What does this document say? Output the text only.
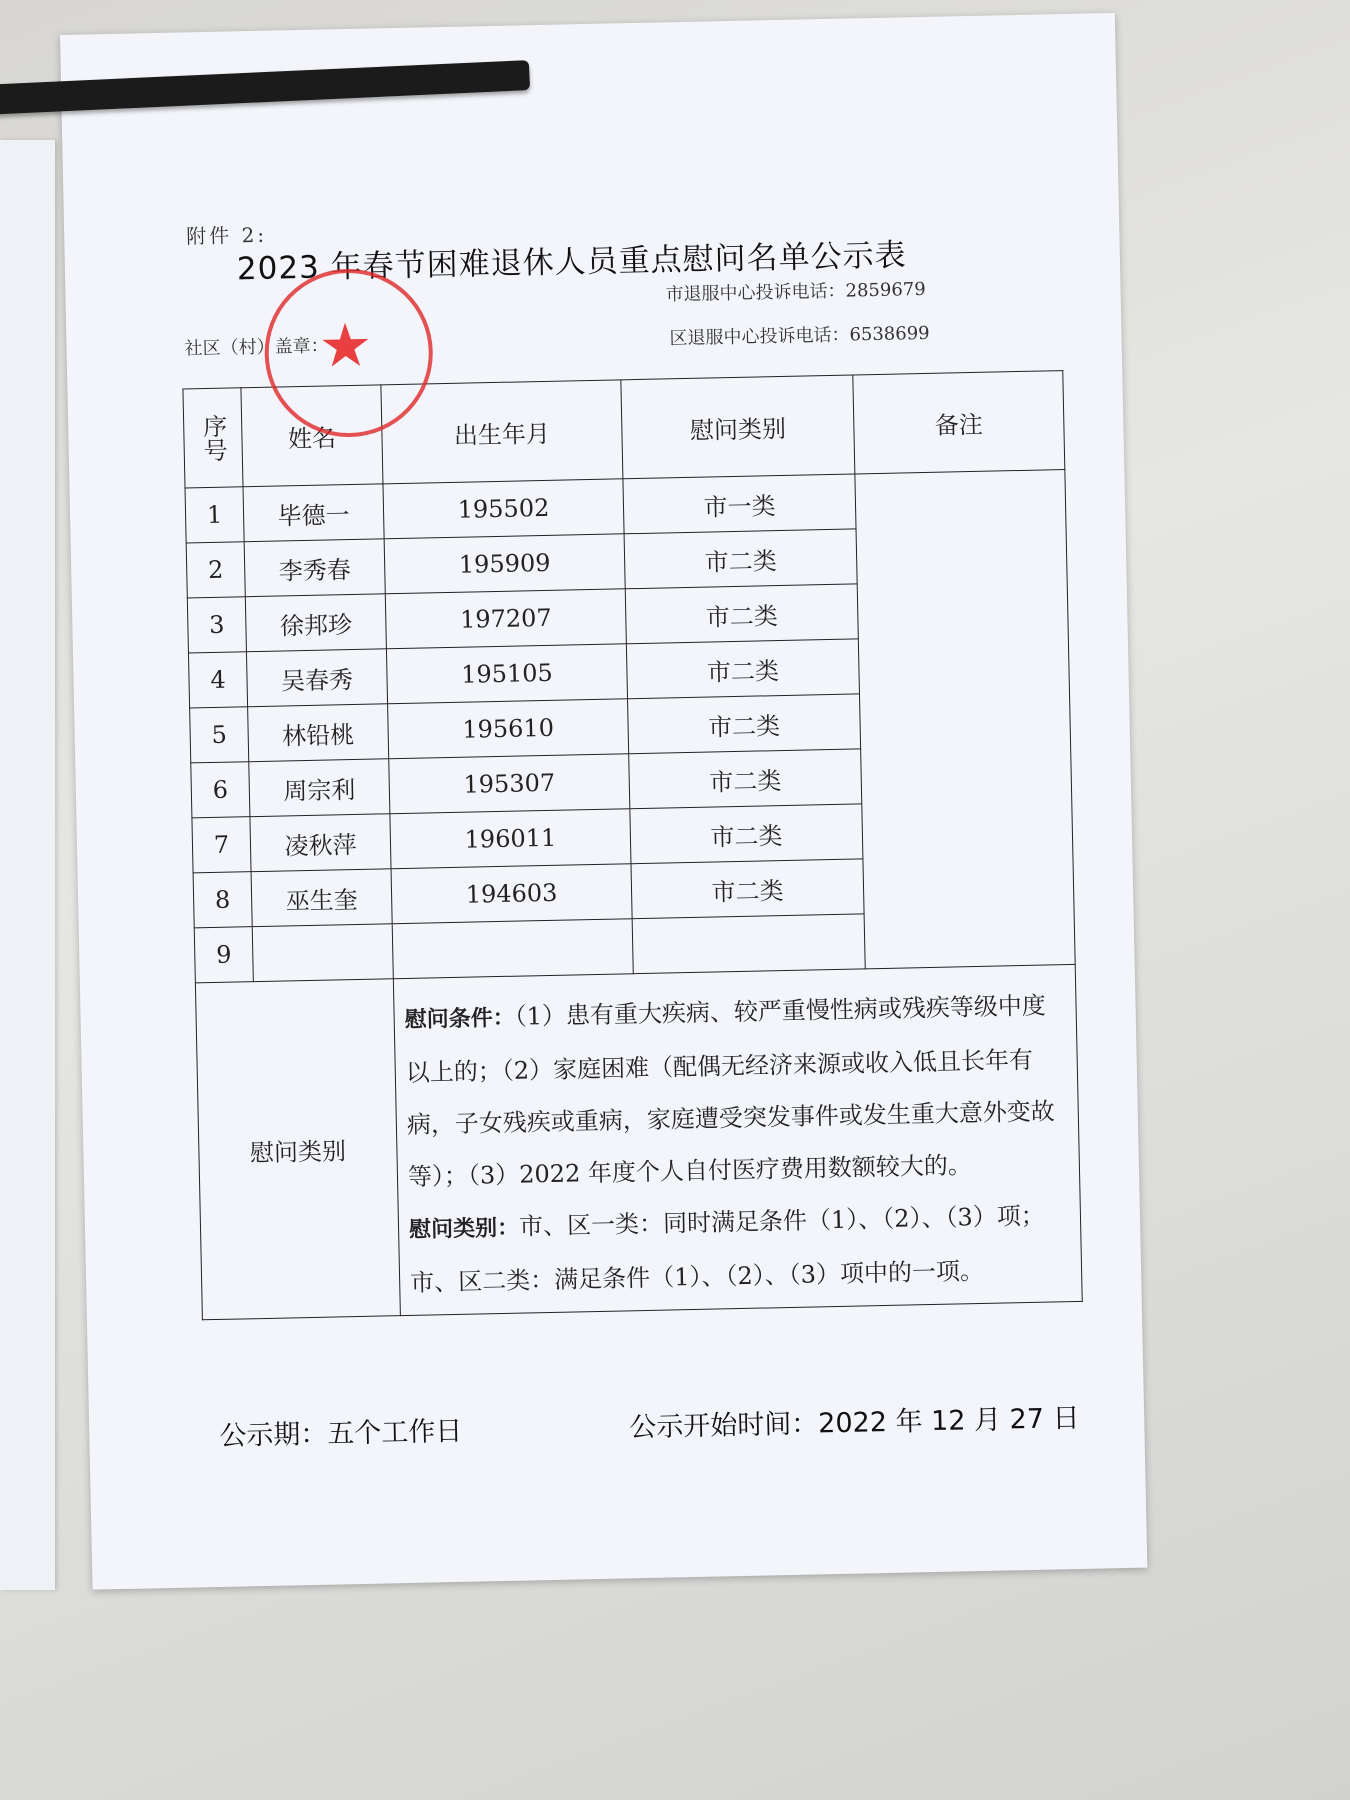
附件 2:
2023 年春节困难退休人员重点慰问名单公示表
市退服中心投诉电话：2859679
社区（村）盖章：	区退服中心投诉电话：6538699
★
序号	姓名	出生年月	慰问类别	备注
1	毕德一	195502	市一类	
2	李秀春	195909	市二类	
3	徐邦珍	197207	市二类	
4	吴春秀	195105	市二类	
5	林铅桃	195610	市二类	
6	周宗利	195307	市二类	
7	凌秋萍	196011	市二类	
8	巫生奎	194603	市二类	
9				
慰问类别		慰问条件：（1）患有重大疾病、较严重慢性病或残疾等级中度以上的；（2）家庭困难（配偶无经济来源或收入低且长年有病，子女残疾或重病，家庭遭受突发事件或发生重大意外变故等）；（3）2022 年度个人自付医疗费用数额较大的。
慰问类别：市、区一类：同时满足条件（1）、（2）、（3）项；市、区二类：满足条件（1）、（2）、（3）项中的一项。		
公示期：五个工作日	公示开始时间：2022 年 12 月 27 日
